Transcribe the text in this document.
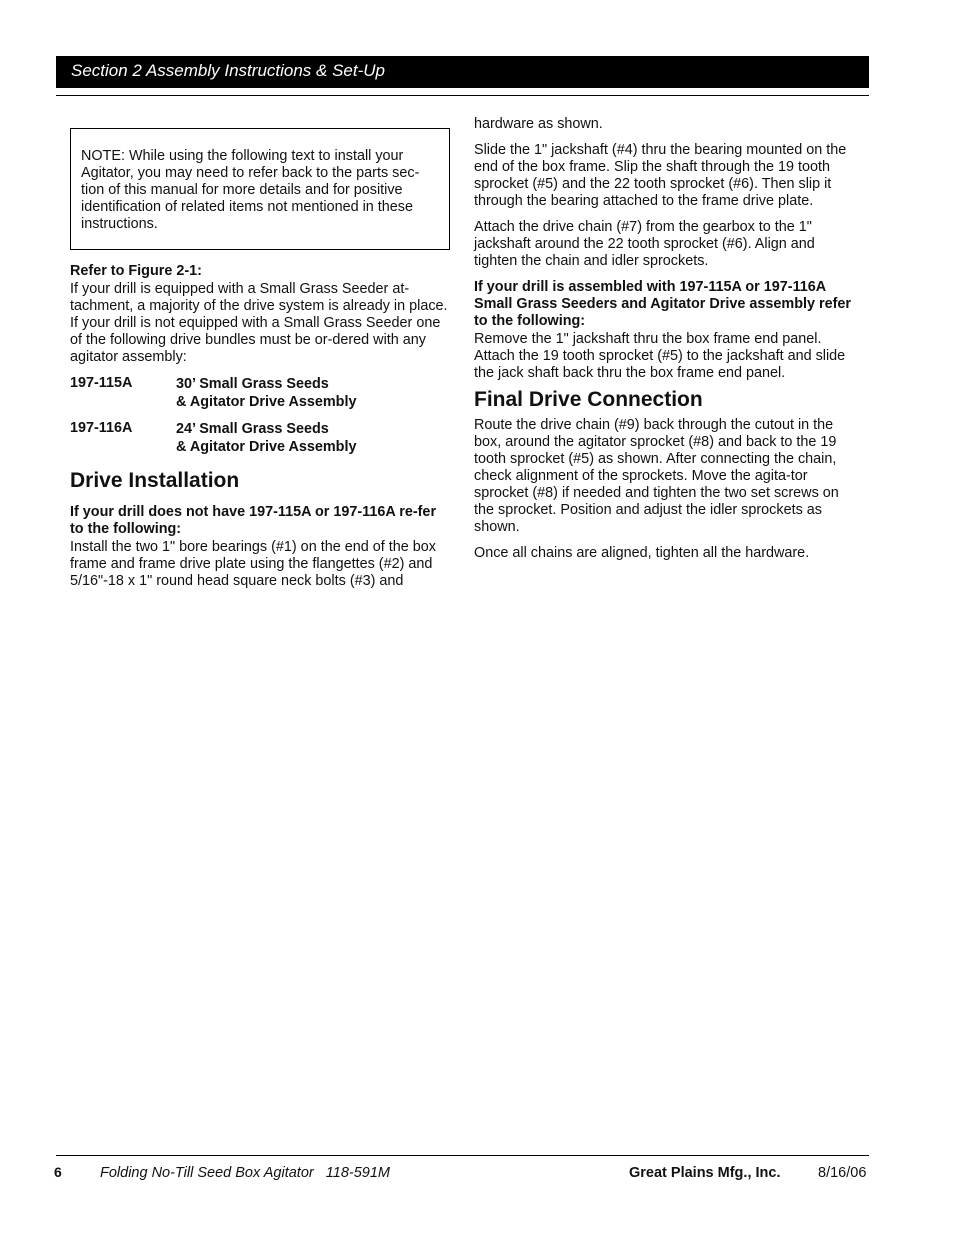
Section 2 Assembly Instructions & Set-Up

NOTE: While using the following text to install your Agitator, you may need to refer back to the parts sec-tion of this manual for more details and for positive identification of related items not mentioned in these instructions.

Refer to Figure 2-1:

If your drill is equipped with a Small Grass Seeder at-tachment, a majority of the drive system is already in place. If your drill is not equipped with a Small Grass Seeder one of the following drive bundles must be or-dered with any agitator assembly:

197-115A	30’ Small Grass Seeds
& Agitator Drive Assembly
197-116A	24’ Small Grass Seeds
& Agitator Drive Assembly
Drive Installation

If your drill does not have 197-115A or 197-116A re-fer to the following:

Install the two 1" bore bearings (#1) on the end of the box frame and frame drive plate using the flangettes (#2) and 5/16"-18 x 1" round head square neck bolts (#3) and

hardware as shown.

Slide the 1" jackshaft (#4) thru the bearing mounted on the end of the box frame. Slip the shaft through the 19 tooth sprocket (#5) and the 22 tooth sprocket (#6). Then slip it through the bearing attached to the frame drive plate.

Attach the drive chain (#7) from the gearbox to the 1" jackshaft around the 22 tooth sprocket (#6). Align and tighten the chain and idler sprockets.

If your drill is assembled with 197-115A or 197-116A Small Grass Seeders and Agitator Drive assembly refer to the following:

Remove the 1" jackshaft thru the box frame end panel. Attach the 19 tooth sprocket (#5) to the jackshaft and slide the jack shaft back thru the box frame end panel.

Final Drive Connection

Route the drive chain (#9) back through the cutout in the box, around the agitator sprocket (#8) and back to the 19 tooth sprocket (#5) as shown. After connecting the chain, check alignment of the sprockets. Move the agita-tor sprocket (#8) if needed and tighten the two set screws on the sprocket. Position and adjust the idler sprockets as shown.

Once all chains are aligned, tighten all the hardware.

6	Folding No-Till Seed Box Agitator   118-591M	Great Plains Mfg., Inc.	8/16/06
